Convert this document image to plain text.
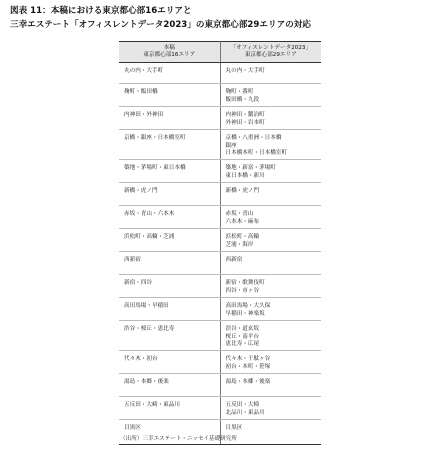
図表 11：本稿における東京都心部16エリアと
三幸エステート「オフィスレントデータ2023」の東京都心部29エリアの対応
本稿
東京都心部16エリア	「オフィスレントデータ2023」
東京都心部29エリア

丸の内・大手町	丸の内・大手町

麹町・飯田橋	麹町・番町
飯田橋・九段

内神田・外神田	内神田・鍛冶町
外神田・岩本町

京橋・銀座・日本橋室町	京橋・八重洲・日本橋
銀座
日本橋本町・日本橋室町

築地・茅場町・東日本橋	築地・新富・茅場町
東日本橋・新川

新橋・虎ノ門	新橋・虎ノ門

赤坂・青山・六本木	赤坂・青山
六本木・麻布

浜松町・高輪・芝浦	浜松町・高輪
芝浦・海岸

西新宿	西新宿

新宿・四谷	新宿・歌舞伎町
四谷・市ヶ谷

高田馬場・早稲田	高田馬場・大久保
早稲田・神楽坂

渋谷・桜丘・恵比寿	渋谷・道玄坂
桜丘・南平台
恵比寿・広尾

代々木・初台	代々木・千駄ヶ谷
初台・本町・笹塚

湯島・本郷・後楽	湯島・本郷・後楽

五反田・大崎・東品川	五反田・大崎
北品川・東品川

目黒区	目黒区
（出所）三幸エステート・ニッセイ基礎研究所
